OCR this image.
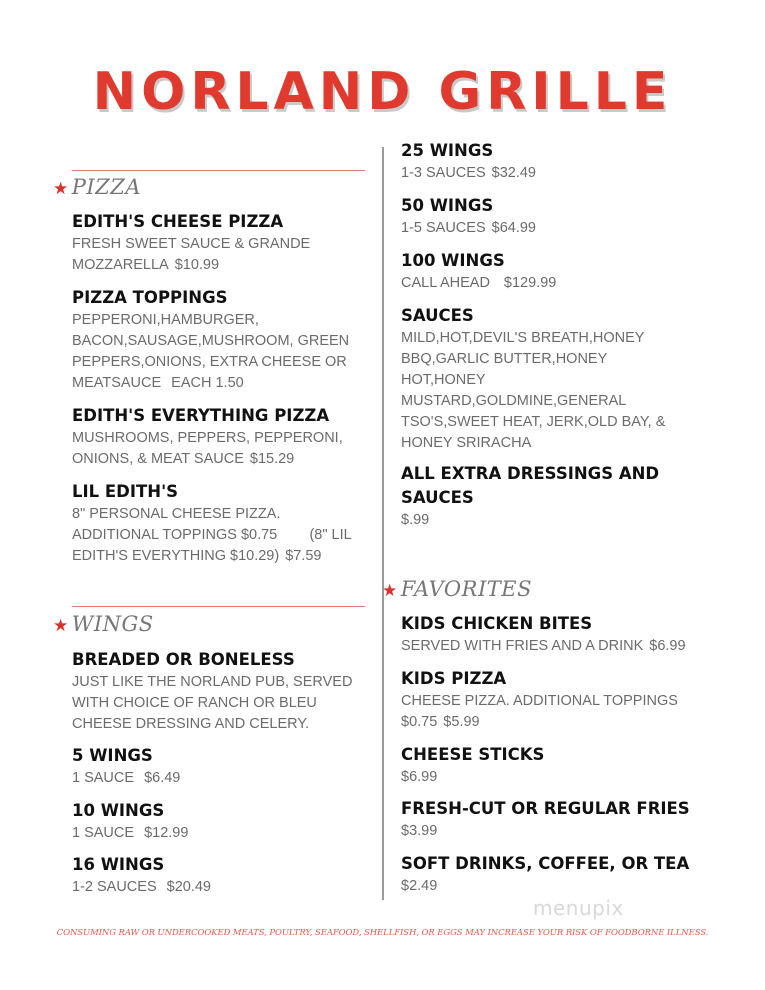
NORLAND GRILLE
★ PIZZA
EDITH'S CHEESE PIZZA
FRESH SWEET SAUCE & GRANDE MOZZARELLA $10.99
PIZZA TOPPINGS
PEPPERONI,HAMBURGER, BACON,SAUSAGE,MUSHROOM, GREEN PEPPERS,ONIONS, EXTRA CHEESE OR MEATSAUCE EACH 1.50
EDITH'S EVERYTHING PIZZA
MUSHROOMS, PEPPERS, PEPPERONI, ONIONS, & MEAT SAUCE $15.29
LIL EDITH'S
8" PERSONAL CHEESE PIZZA. ADDITIONAL TOPPINGS $0.75        (8" LIL EDITH'S EVERYTHING $10.29) $7.59
★ WINGS
BREADED OR BONELESS
JUST LIKE THE NORLAND PUB, SERVED WITH CHOICE OF RANCH OR BLEU CHEESE DRESSING AND CELERY.
5 WINGS
1 SAUCE $6.49
10 WINGS
1 SAUCE $12.99
16 WINGS
1-2 SAUCES $20.49
25 WINGS
1-3 SAUCES $32.49
50 WINGS
1-5 SAUCES $64.99
100 WINGS
CALL AHEAD $129.99
SAUCES
MILD,HOT,DEVIL'S BREATH,HONEY BBQ,GARLIC BUTTER,HONEY HOT,HONEY MUSTARD,GOLDMINE,GENERAL TSO'S,SWEET HEAT, JERK,OLD BAY, & HONEY SRIRACHA
ALL EXTRA DRESSINGS AND SAUCES
$.99
★ FAVORITES
KIDS CHICKEN BITES
SERVED WITH FRIES AND A DRINK $6.99
KIDS PIZZA
CHEESE PIZZA. ADDITIONAL TOPPINGS $0.75 $5.99
CHEESE STICKS
$6.99
FRESH-CUT OR REGULAR FRIES
$3.99
SOFT DRINKS, COFFEE, OR TEA
$2.49
menupix
CONSUMING RAW OR UNDERCOOKED MEATS, POULTRY, SEAFOOD, SHELLFISH, OR EGGS MAY INCREASE YOUR RISK OF FOODBORNE ILLNESS.
